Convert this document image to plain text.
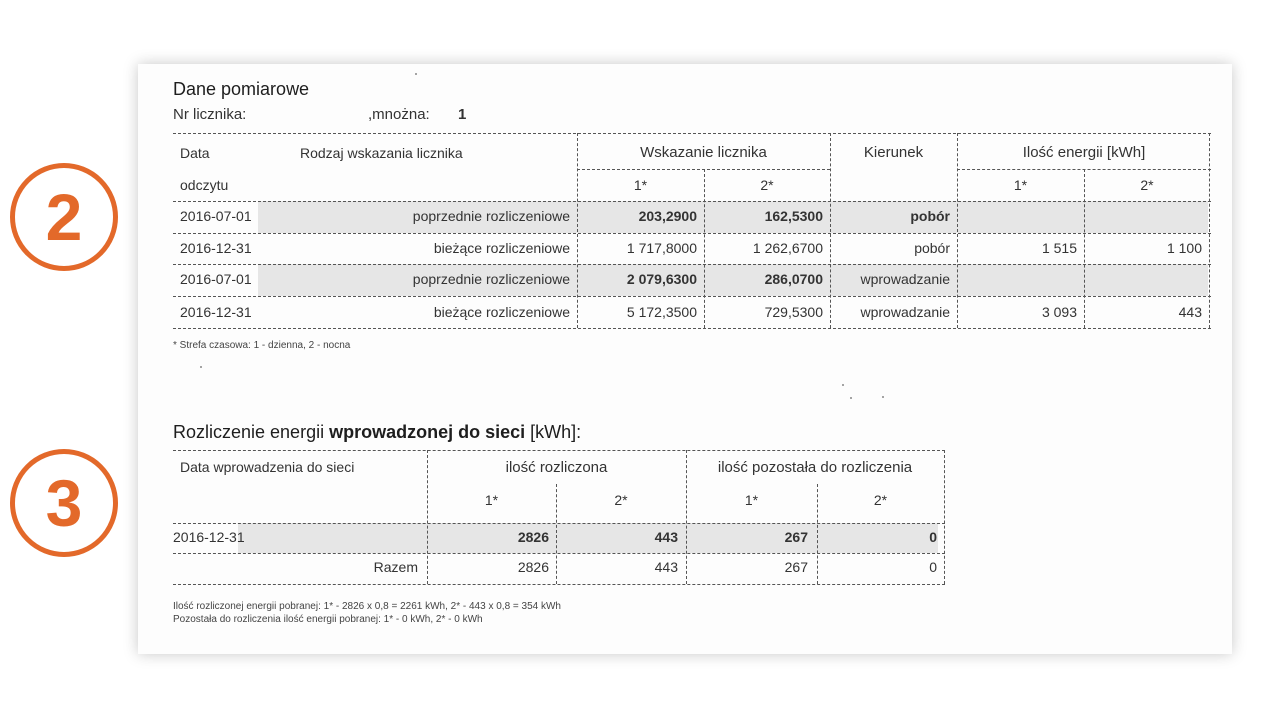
2
3
Dane pomiarowe
Nr licznika:	,mnożna: 1
Data
odczytu
Rodzaj wskazania licznika	Wskazanie licznika
1*	2*
Kierunek	Ilość energii [kWh]
1*	2*
2016-07-01	poprzednie rozliczeniowe	203,2900	162,5300	pobór
2016-12-31	bieżące rozliczeniowe	1 717,8000	1 262,6700	pobór	1 515	1 100
2016-07-01	poprzednie rozliczeniowe	2 079,6300	286,0700	wprowadzanie
2016-12-31	bieżące rozliczeniowe	5 172,3500	729,5300	wprowadzanie	3 093	443
* Strefa czasowa: 1 - dzienna, 2 - nocna
Rozliczenie energii wprowadzonej do sieci [kWh]:
Data wprowadzenia do sieci	ilość rozliczona
1*	2*
ilość pozostała do rozliczenia
1*	2*
2016-12-31	2826	443	267	0
Razem	2826	443	267	0
Ilość rozliczonej energii pobranej: 1* - 2826 x 0,8 = 2261 kWh, 2* - 443 x 0,8 = 354 kWh
Pozostała do rozliczenia ilość energii pobranej: 1* - 0 kWh, 2* - 0 kWh
